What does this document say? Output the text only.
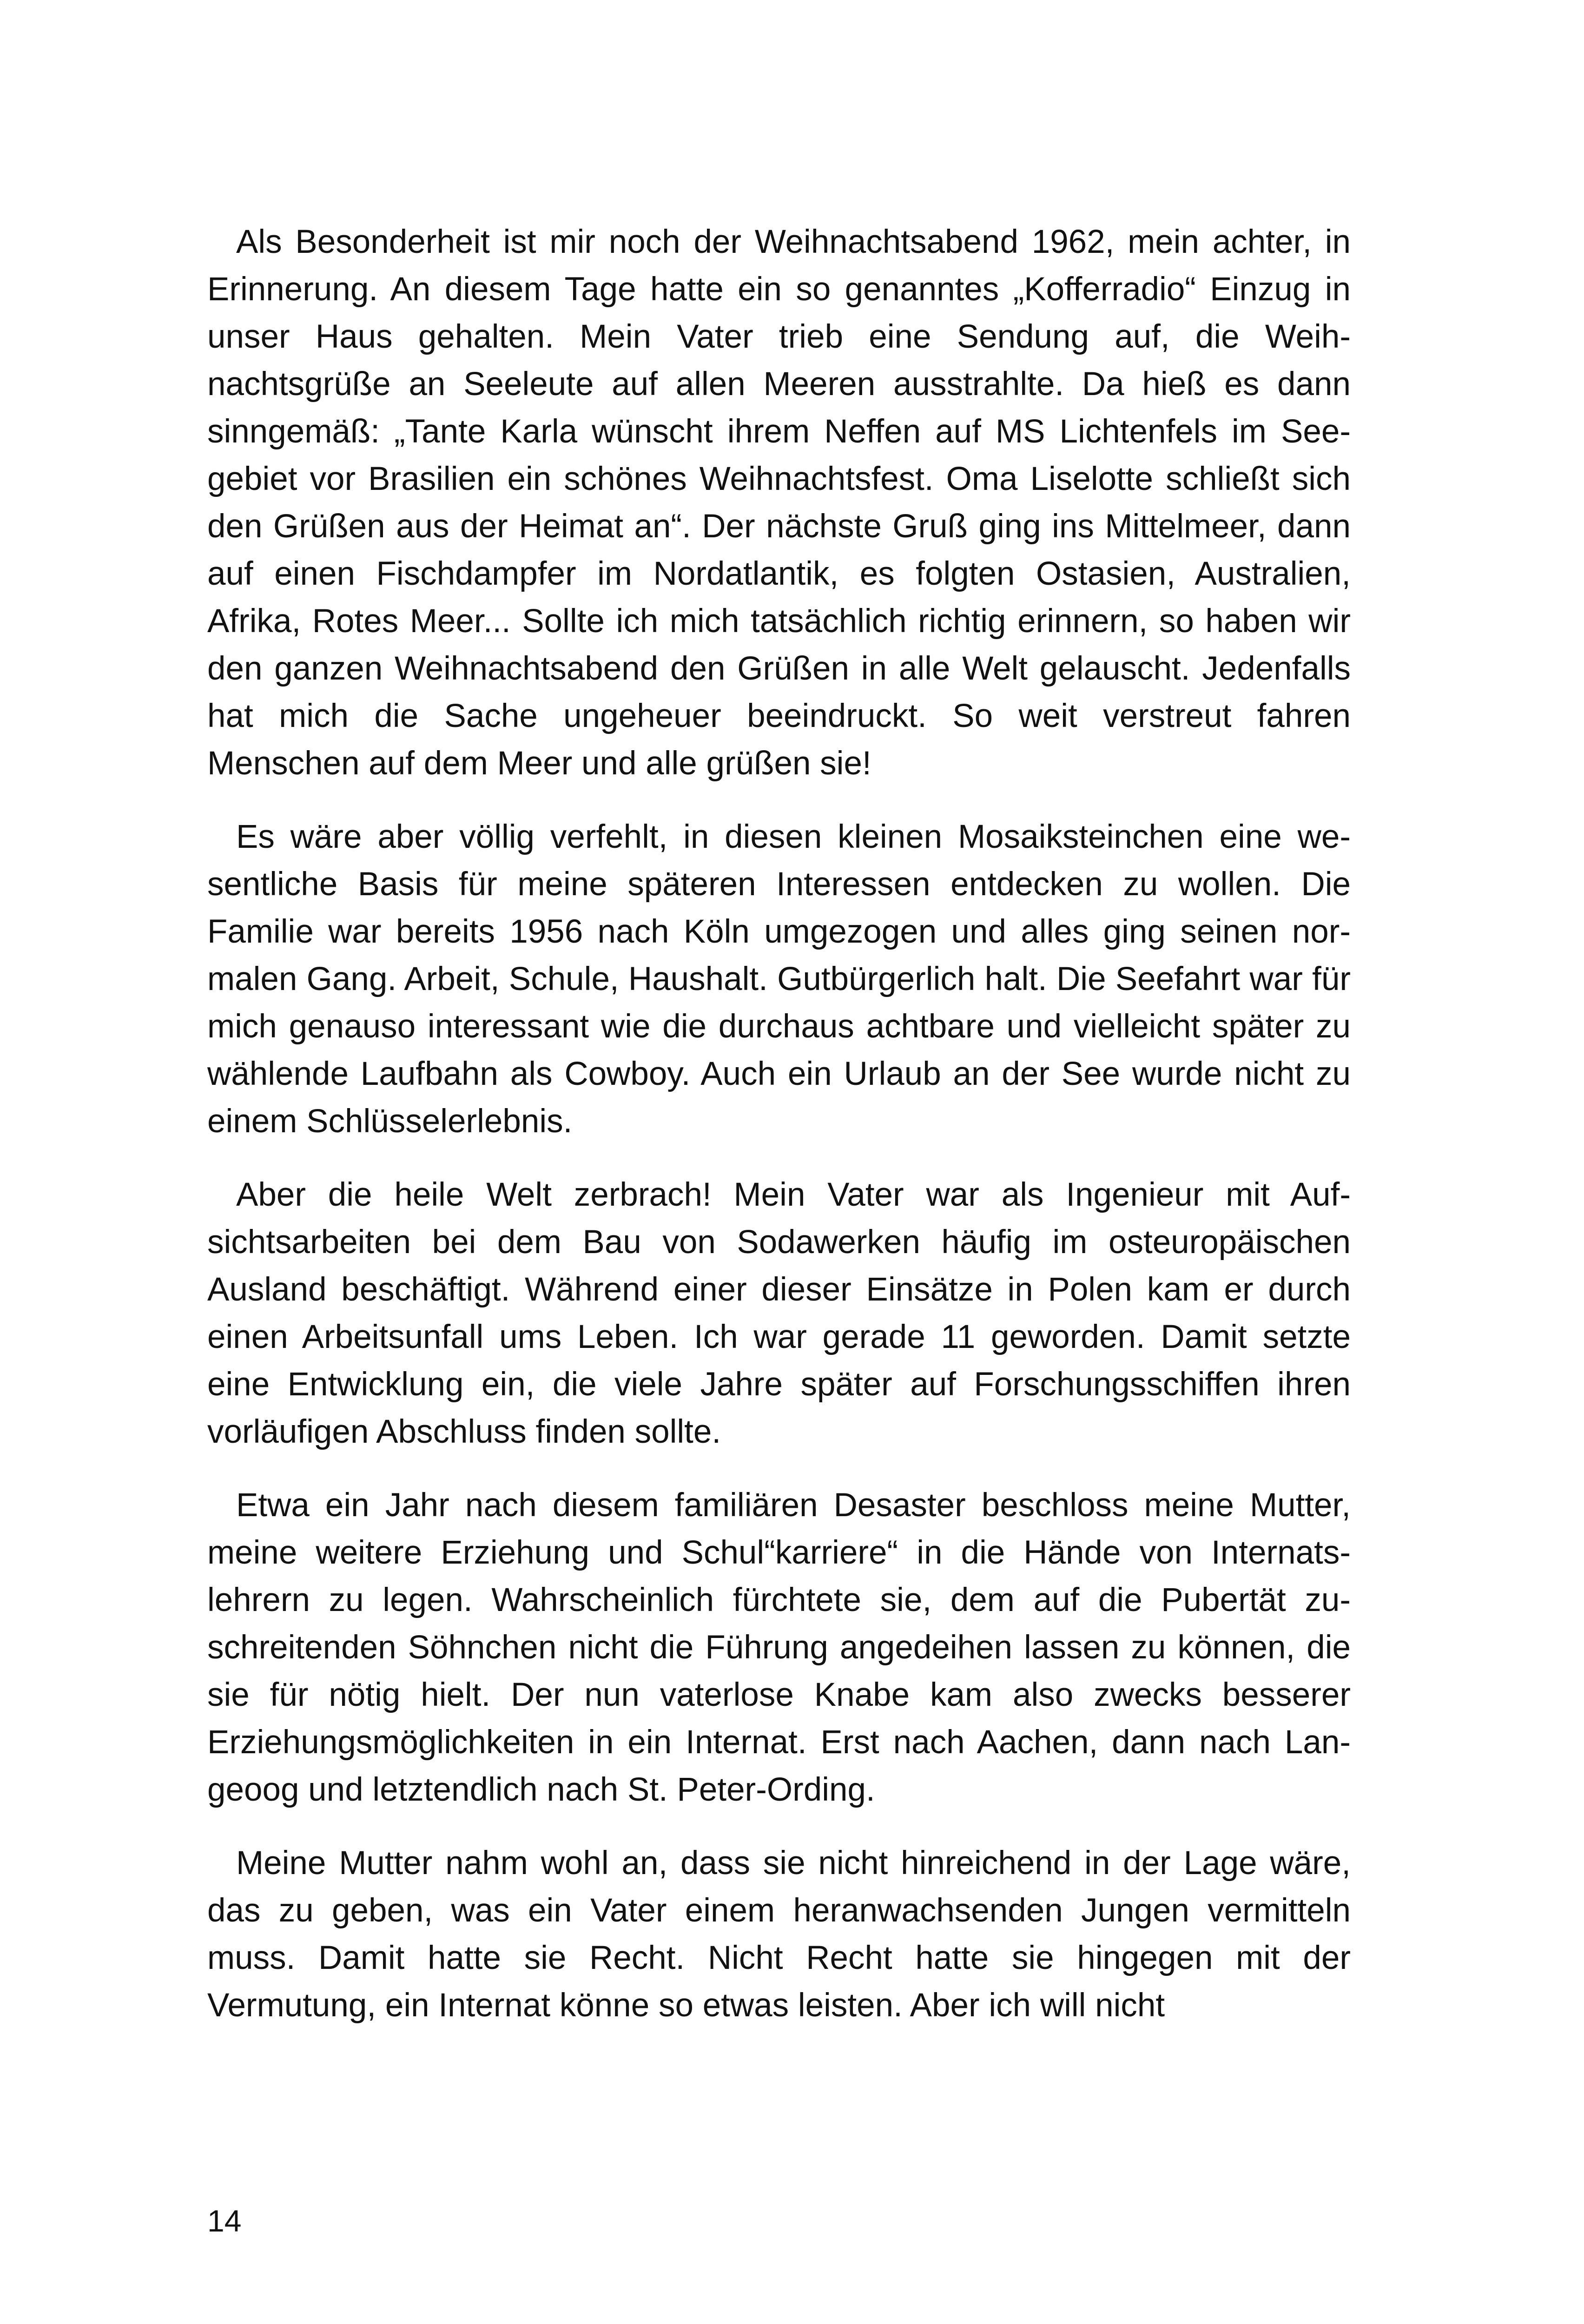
Als Besonderheit ist mir noch der Weihnachtsabend 1962, mein achter, in Erinnerung. An diesem Tage hatte ein so genanntes „Kofferradio“ Einzug in unser Haus gehalten. Mein Vater trieb eine Sendung auf, die Weihnachtsgrüße an Seeleute auf allen Meeren ausstrahlte. Da hieß es dann sinngemäß: „Tante Karla wünscht ihrem Neffen auf MS Lichtenfels im Seegebiet vor Brasilien ein schönes Weihnachtsfest. Oma Liselotte schließt sich den Grüßen aus der Heimat an“. Der nächste Gruß ging ins Mittelmeer, dann auf einen Fischdampfer im Nordatlantik, es folgten Ostasien, Australien, Afrika, Rotes Meer... Sollte ich mich tatsächlich richtig erinnern, so haben wir den ganzen Weihnachtsabend den Grüßen in alle Welt gelauscht. Jedenfalls hat mich die Sache ungeheuer beeindruckt. So weit verstreut fahren Menschen auf dem Meer und alle grüßen sie!

Es wäre aber völlig verfehlt, in diesen kleinen Mosaiksteinchen eine wesentliche Basis für meine späteren Interessen entdecken zu wollen. Die Familie war bereits 1956 nach Köln umgezogen und alles ging seinen normalen Gang. Arbeit, Schule, Haushalt. Gutbürgerlich halt. Die Seefahrt war für mich genauso interessant wie die durchaus achtbare und vielleicht später zu wählende Laufbahn als Cowboy. Auch ein Urlaub an der See wurde nicht zu einem Schlüsselerlebnis.

Aber die heile Welt zerbrach! Mein Vater war als Ingenieur mit Aufsichtsarbeiten bei dem Bau von Sodawerken häufig im osteuropäischen Ausland beschäftigt. Während einer dieser Einsätze in Polen kam er durch einen Arbeitsunfall ums Leben. Ich war gerade 11 geworden. Damit setzte eine Entwicklung ein, die viele Jahre später auf Forschungsschiffen ihren vorläufigen Abschluss finden sollte.

Etwa ein Jahr nach diesem familiären Desaster beschloss meine Mutter, meine weitere Erziehung und Schul“karriere“ in die Hände von Internatslehrern zu legen. Wahrscheinlich fürchtete sie, dem auf die Pubertät zuschreitenden Söhnchen nicht die Führung angedeihen lassen zu können, die sie für nötig hielt. Der nun vaterlose Knabe kam also zwecks besserer Erziehungsmöglichkeiten in ein Internat. Erst nach Aachen, dann nach Langeoog und letztendlich nach St. Peter-Ording.

Meine Mutter nahm wohl an, dass sie nicht hinreichend in der Lage wäre, das zu geben, was ein Vater einem heranwachsenden Jungen vermitteln muss. Damit hatte sie Recht. Nicht Recht hatte sie hingegen mit der Vermutung, ein Internat könne so etwas leisten. Aber ich will nicht

14
